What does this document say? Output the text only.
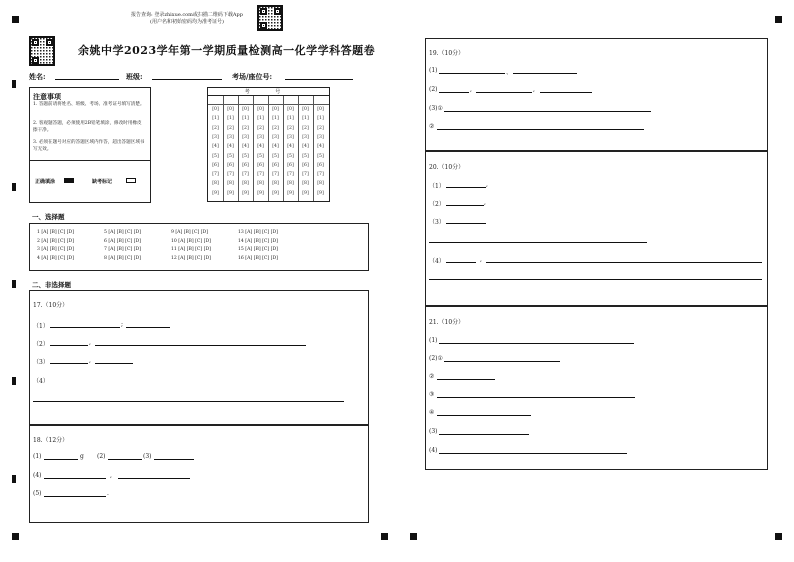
报告查询: 登录zhixue.com或扫描二维码下载App
(用户名和初始密码均为准考证号)
余姚中学2023学年第一学期质量检测高一化学学科答题卷
姓名:	班级:	考场/座位号:
注意事项
1. 答题前请将姓名、班级、考场、准考证号填写清楚。
2. 客观题答题，必须使用2B铅笔填涂，修改时用橡皮擦干净。
3. 必须在题号对应的答题区域内作答，超出答题区域书写无效。
正确填涂	缺考标记
考 号
[0]	[0]	[0]	[0]	[0]	[0]	[0]	[0]
[1]	[1]	[1]	[1]	[1]	[1]	[1]	[1]
[2]	[2]	[2]	[2]	[2]	[2]	[2]	[2]
[3]	[3]	[3]	[3]	[3]	[3]	[3]	[3]
[4]	[4]	[4]	[4]	[4]	[4]	[4]	[4]
[5]	[5]	[5]	[5]	[5]	[5]	[5]	[5]
[6]	[6]	[6]	[6]	[6]	[6]	[6]	[6]
[7]	[7]	[7]	[7]	[7]	[7]	[7]	[7]
[8]	[8]	[8]	[8]	[8]	[8]	[8]	[8]
[9]	[9]	[9]	[9]	[9]	[9]	[9]	[9]
一、选择题
1 [A] [B] [C] [D]
2 [A] [B] [C] [D]
3 [A] [B] [C] [D]
4 [A] [B] [C] [D]
5 [A] [B] [C] [D]
6 [A] [B] [C] [D]
7 [A] [B] [C] [D]
8 [A] [B] [C] [D]
9 [A] [B] [C] [D]
10 [A] [B] [C] [D]
11 [A] [B] [C] [D]
12 [A] [B] [C] [D]
13 [A] [B] [C] [D]
14 [A] [B] [C] [D]
15 [A] [B] [C] [D]
16 [A] [B] [C] [D]
二、非选择题
17.（10分）
（1）	;
（2）	,
（3）	,
（4）
18.（12分）
(1)	g (2)	(3)
(4)	,
(5)	.
19.（10分）
(1)	、
(2)	,	,
(3)①
②
20.（10分）
（1）	,
（2）	,
（3）
（4）	,
21.（10分）
(1)
(2)①
②
③
④
(3)
(4)
